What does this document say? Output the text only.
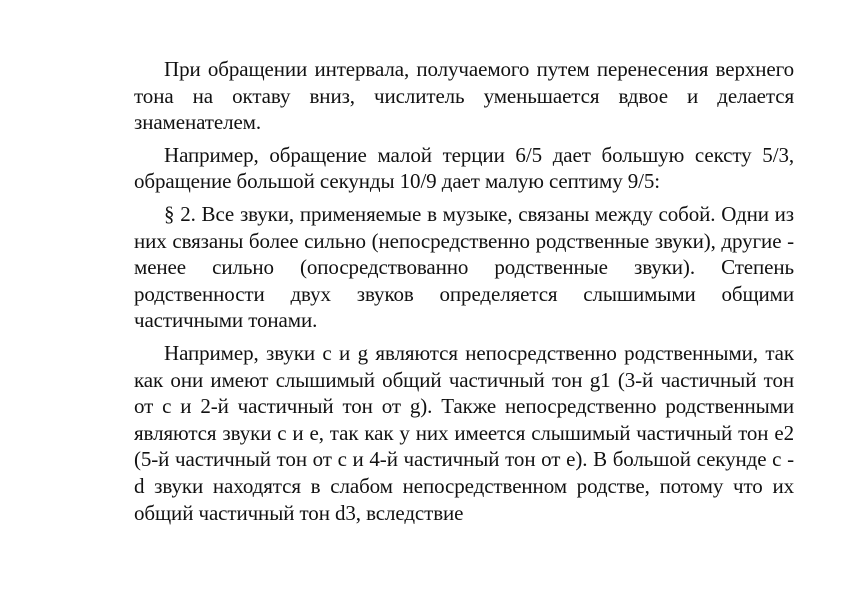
При обращении интервала, получаемого путем перенесения верхнего тона на октаву вниз, числитель уменьшается вдвое и делается знаменателем.

Например, обращение малой терции 6/5 дает большую сексту 5/3, обращение большой секунды 10/9 дает малую септиму 9/5:

§ 2. Все звуки, применяемые в музыке, связаны между собой. Одни из них связаны более сильно (непосредственно родственные звуки), другие - менее сильно (опосредствованно родственные звуки). Степень родственности двух звуков определяется слышимыми общими частичными тонами.

Например, звуки c и g являются непосредственно родственными, так как они имеют слышимый общий частичный тон g1 (3-й частичный тон от c и 2-й частичный тон от g). Также непосредственно родственными являются звуки c и e, так как у них имеется слышимый частичный тон e2 (5-й частичный тон от c и 4-й частичный тон от e). В большой секунде c - d звуки находятся в слабом непосредственном родстве, потому что их общий частичный тон d3, вследствие
